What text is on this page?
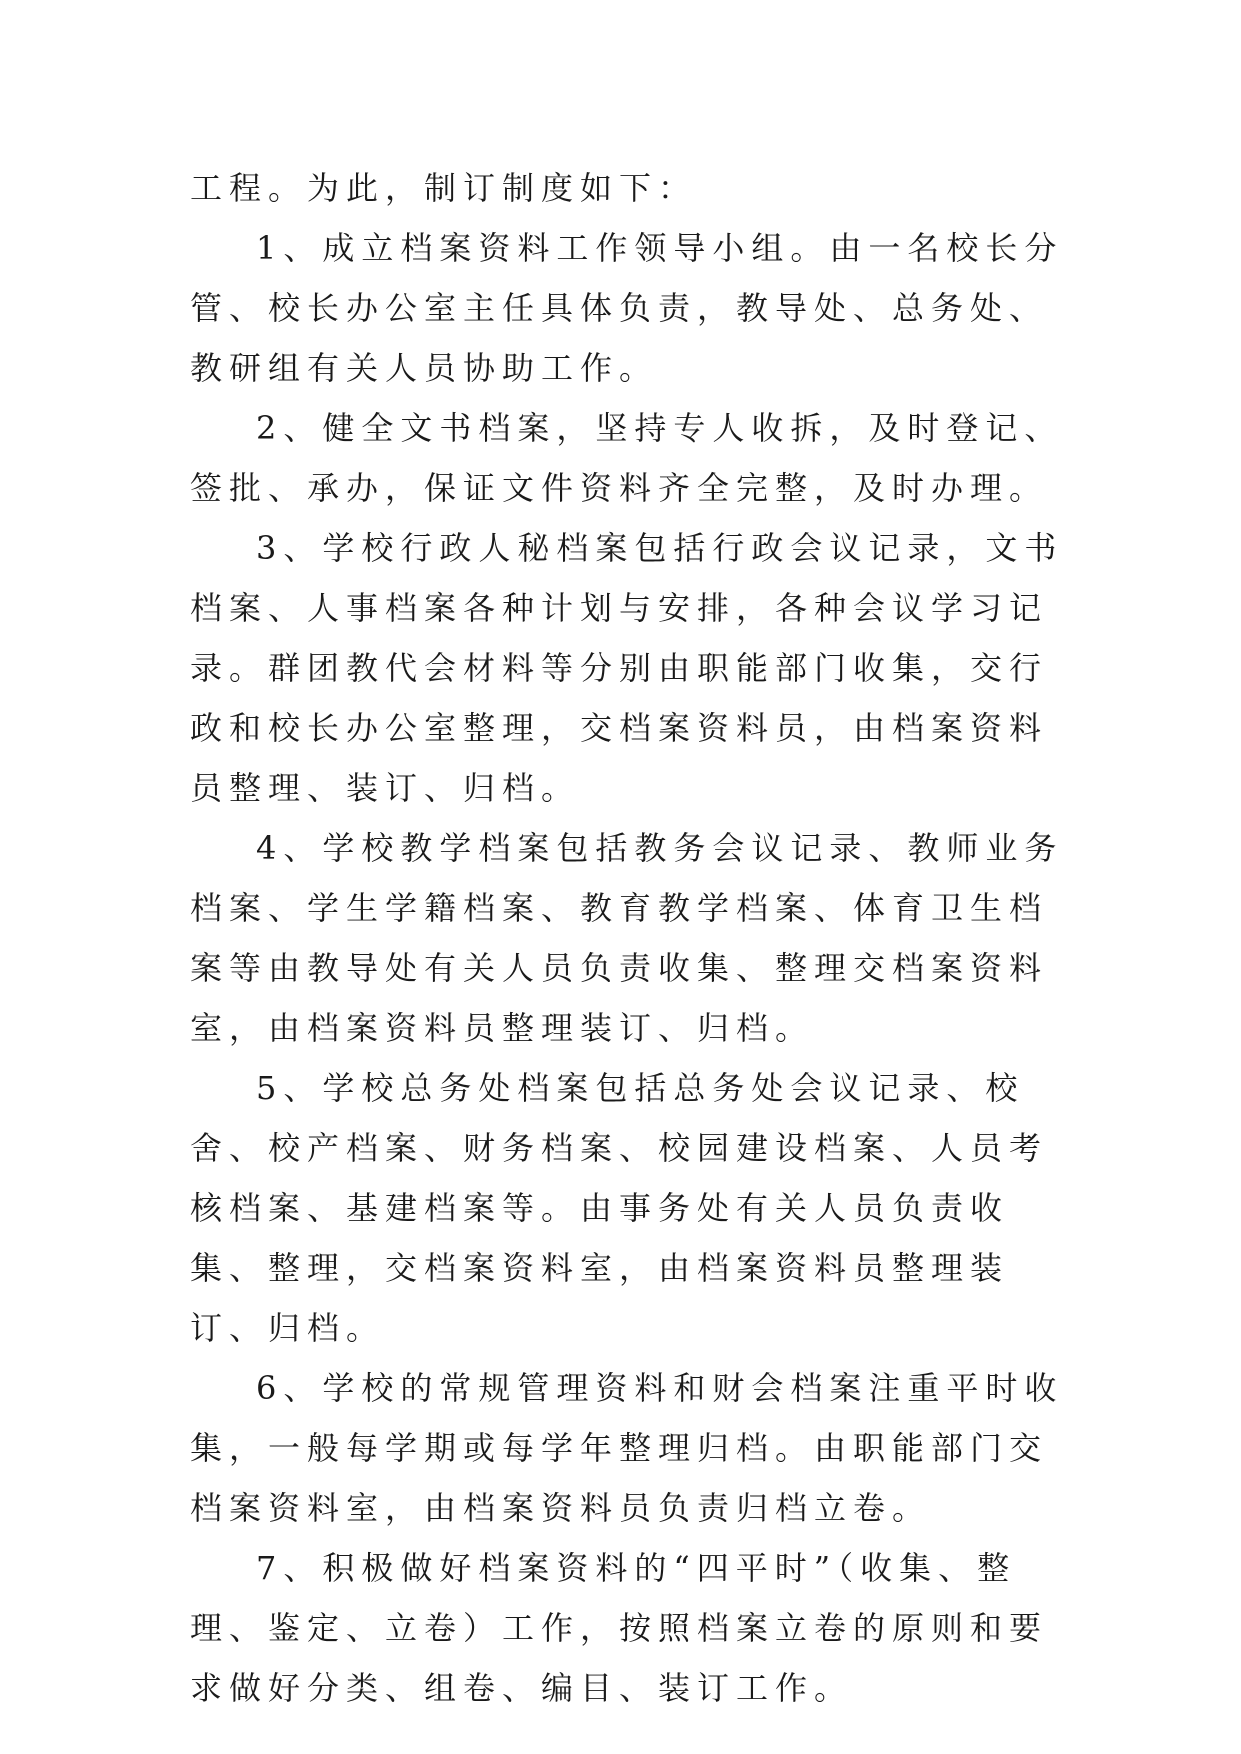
工程。为此，制订制度如下：

1、成立档案资料工作领导小组。由一名校长分管、校长办公室主任具体负责，教导处、总务处、教研组有关人员协助工作。

2、健全文书档案，坚持专人收拆，及时登记、签批、承办，保证文件资料齐全完整，及时办理。

3、学校行政人秘档案包括行政会议记录，文书档案、人事档案各种计划与安排，各种会议学习记录。群团教代会材料等分别由职能部门收集，交行政和校长办公室整理，交档案资料员，由档案资料员整理、装订、归档。

4、学校教学档案包括教务会议记录、教师业务档案、学生学籍档案、教育教学档案、体育卫生档案等由教导处有关人员负责收集、整理交档案资料室，由档案资料员整理装订、归档。

5、学校总务处档案包括总务处会议记录、校舍、校产档案、财务档案、校园建设档案、人员考核档案、基建档案等。由事务处有关人员负责收集、整理，交档案资料室，由档案资料员整理装订、归档。

6、学校的常规管理资料和财会档案注重平时收集，一般每学期或每学年整理归档。由职能部门交档案资料室，由档案资料员负责归档立卷。

7、积极做好档案资料的“四平时”（收集、整理、鉴定、立卷）工作，按照档案立卷的原则和要求做好分类、组卷、编目、装订工作。
